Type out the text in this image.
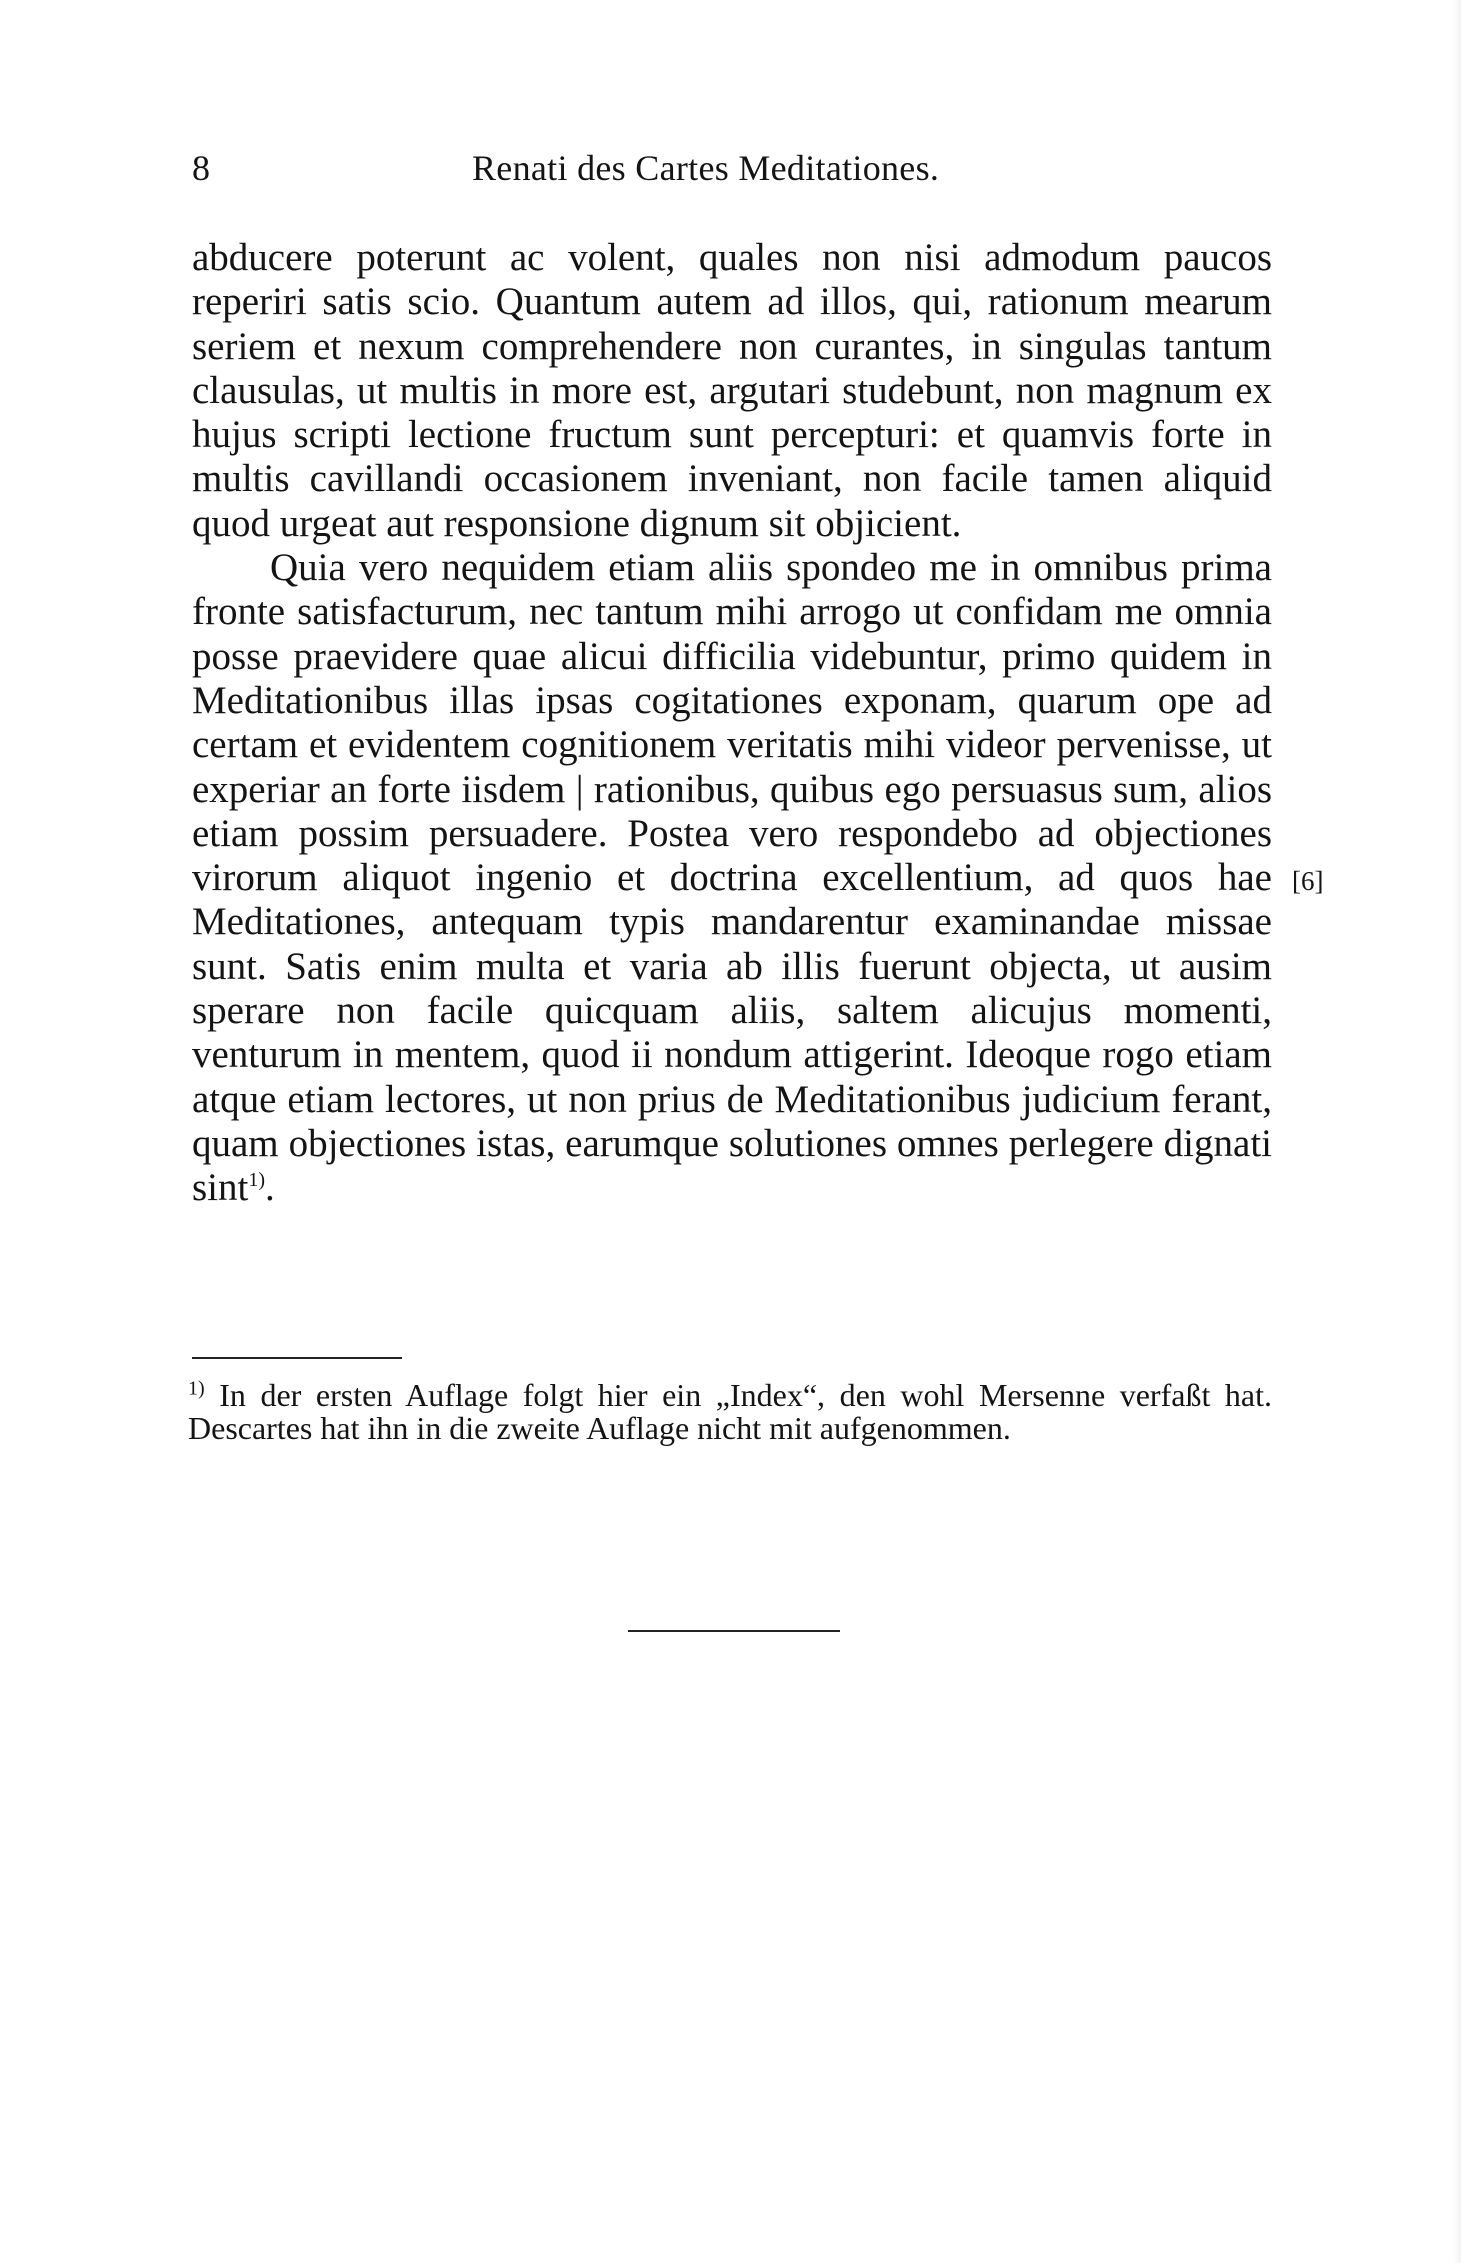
8	Renati des Cartes Meditationes.

abducere poterunt ac volent, quales non nisi admodum paucos reperiri satis scio. Quantum autem ad illos, qui, rationum mearum seriem et nexum comprehendere non curantes, in singulas tantum clausulas, ut multis in more est, argutari studebunt, non magnum ex hujus scripti lectione fructum sunt percepturi: et quamvis forte in multis cavillandi occasionem inveniant, non facile tamen aliquid quod urgeat aut responsione dignum sit objicient.

Quia vero nequidem etiam aliis spondeo me in omnibus prima fronte satisfacturum, nec tantum mihi arrogo ut confidam me omnia posse praevidere quae alicui difficilia videbuntur, primo quidem in Meditationibus illas ipsas cogitationes exponam, quarum ope ad certam et evidentem cognitionem veritatis mihi videor pervenisse, ut experiar an forte iisdem | rationibus, quibus ego persuasus sum, alios etiam possim persuadere. Postea vero respondebo ad objectiones virorum aliquot ingenio et doctrina excellentium, ad quos hae Meditationes, antequam typis mandarentur examinandae missae sunt. Satis enim multa et varia ab illis fuerunt objecta, ut ausim sperare non facile quicquam aliis, saltem alicujus momenti, venturum in mentem, quod ii nondum attigerint. Ideoque rogo etiam atque etiam lectores, ut non prius de Meditationibus judicium ferant, quam objectiones istas, earumque solutiones omnes perlegere dignati sint$^{1)}$.

[6]
$^{1)}$ In der ersten Auflage folgt hier ein „Index“, den wohl Mersenne verfaßt hat. Descartes hat ihn in die zweite Auflage nicht mit aufgenommen.
